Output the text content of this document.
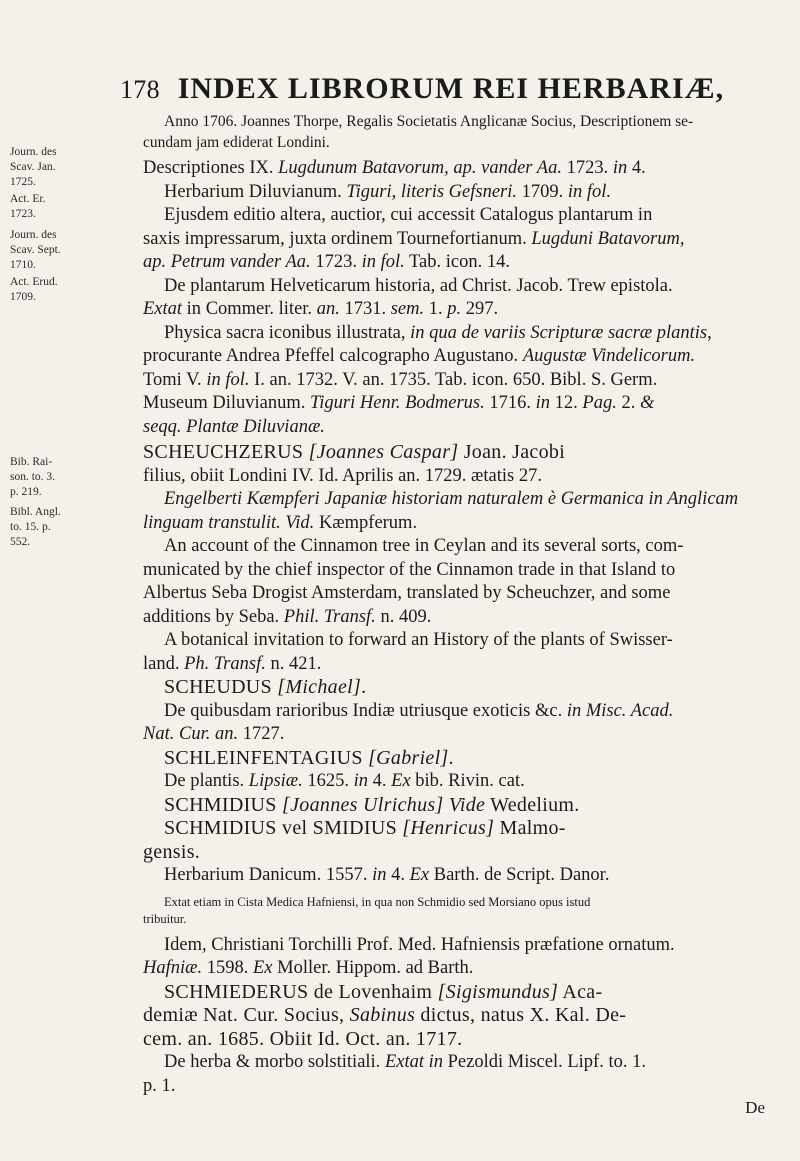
178 INDEX LIBRORUM REI HERBARIÆ,
Journ. des
Scav. Jan.
1725.
Act. Er.
1723.
Journ. des
Scav. Sept.
1710.
Act. Erud.
1709.
Bib. Rai-
son. to. 3.
p. 219.
Bibl. Angl.
to. 15. p.
552.

Anno 1706. Joannes Thorpe, Regalis Societatis Anglicanæ Socius, Descriptionem se-

cundam jam ediderat Londini.

Descriptiones IX. Lugdunum Batavorum, ap. vander Aa. 1723. in 4.

Herbarium Diluvianum. Tiguri, literis Gefsneri. 1709. in fol.

Ejusdem editio altera, auctior, cui accessit Catalogus plantarum in

saxis impressarum, juxta ordinem Tournefortianum. Lugduni Batavorum,

ap. Petrum vander Aa. 1723. in fol. Tab. icon. 14.

De plantarum Helveticarum historia, ad Christ. Jacob. Trew epistola.

Extat in Commer. liter. an. 1731. sem. 1. p. 297.

Physica sacra iconibus illustrata, in qua de variis Scripturæ sacræ plantis,

procurante Andrea Pfeffel calcographo Augustano. Augustæ Vindelicorum.

Tomi V. in fol. I. an. 1732. V. an. 1735. Tab. icon. 650. Bibl. S. Germ.

Museum Diluvianum. Tiguri Henr. Bodmerus. 1716. in 12. Pag. 2. &

seqq. Plantæ Diluvianæ.

SCHEUCHZERUS [Joannes Caspar] Joan. Jacobi

filius, obiit Londini IV. Id. Aprilis an. 1729. ætatis 27.

Engelberti Kæmpferi Japaniæ historiam naturalem è Germanica in Anglicam

linguam transtulit. Vid. Kæmpferum.

An account of the Cinnamon tree in Ceylan and its several sorts, com-

municated by the chief inspector of the Cinnamon trade in that Island to

Albertus Seba Drogist Amsterdam, translated by Scheuchzer, and some

additions by Seba. Phil. Transf. n. 409.

A botanical invitation to forward an History of the plants of Swisser-

land. Ph. Transf. n. 421.

SCHEUDUS [Michael].

De quibusdam rarioribus Indiæ utriusque exoticis &c. in Misc. Acad.

Nat. Cur. an. 1727.

SCHLEINFENTAGIUS [Gabriel].

De plantis. Lipsiæ. 1625. in 4. Ex bib. Rivin. cat.

SCHMIDIUS [Joannes Ulrichus] Vide Wedelium.

SCHMIDIUS vel SMIDIUS [Henricus] Malmo-

gensis.

Herbarium Danicum. 1557. in 4. Ex Barth. de Script. Danor.

Extat etiam in Cista Medica Hafniensi, in qua non Schmidio sed Morsiano opus istud

tribuitur.

Idem, Christiani Torchilli Prof. Med. Hafniensis præfatione ornatum.

Hafniæ. 1598. Ex Moller. Hippom. ad Barth.

SCHMIEDERUS de Lovenhaim [Sigismundus] Aca-

demiæ Nat. Cur. Socius, Sabinus dictus, natus X. Kal. De-

cem. an. 1685. Obiit Id. Oct. an. 1717.

De herba & morbo solstitiali. Extat in Pezoldi Miscel. Lipf. to. 1.

p. 1.

De
